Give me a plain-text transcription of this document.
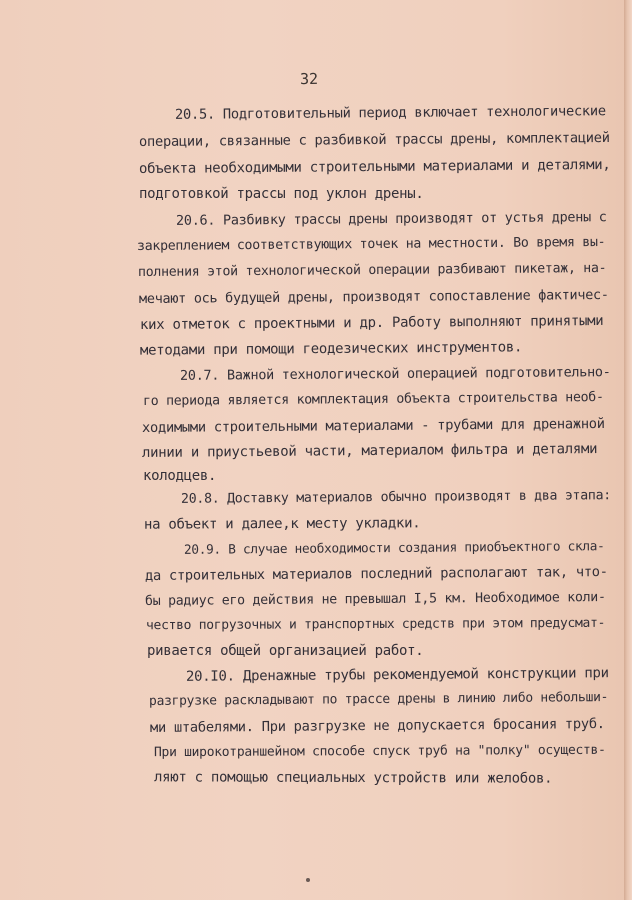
32
20.5. Подготовительный период включает технологические
операции, связанные с разбивкой трассы дрены, комплектацией
объекта необходимыми строительными материалами и деталями,
подготовкой трассы под уклон дрены.
20.6. Разбивку трассы дрены производят от устья дрены с
закреплением соответствующих точек на местности. Во время вы-
полнения этой технологической операции разбивают пикетаж, на-
мечают ось будущей дрены, производят сопоставление фактичес-
ких отметок с проектными и др. Работу выполняют принятыми
методами при помощи геодезических инструментов.
20.7. Важной технологической операцией подготовительно-
го периода является комплектация объекта строительства необ-
ходимыми строительными материалами - трубами для дренажной
линии и приустьевой части, материалом фильтра и деталями
колодцев.
20.8. Доставку материалов обычно производят в два этапа:
на объект и далее,к месту укладки.
20.9. В случае необходимости создания приобъектного скла-
да строительных материалов последний располагают так, что-
бы радиус его действия не превышал I,5 км. Необходимое коли-
чество погрузочных и транспортных средств при этом предусмат-
ривается общей организацией работ.
20.I0. Дренажные трубы рекомендуемой конструкции при
разгрузке раскладывают по трассе дрены в линию либо небольши-
ми штабелями. При разгрузке не допускается бросания труб.
При широкотраншейном способе спуск труб на "полку" осуществ-
ляют с помощью специальных устройств или желобов.
